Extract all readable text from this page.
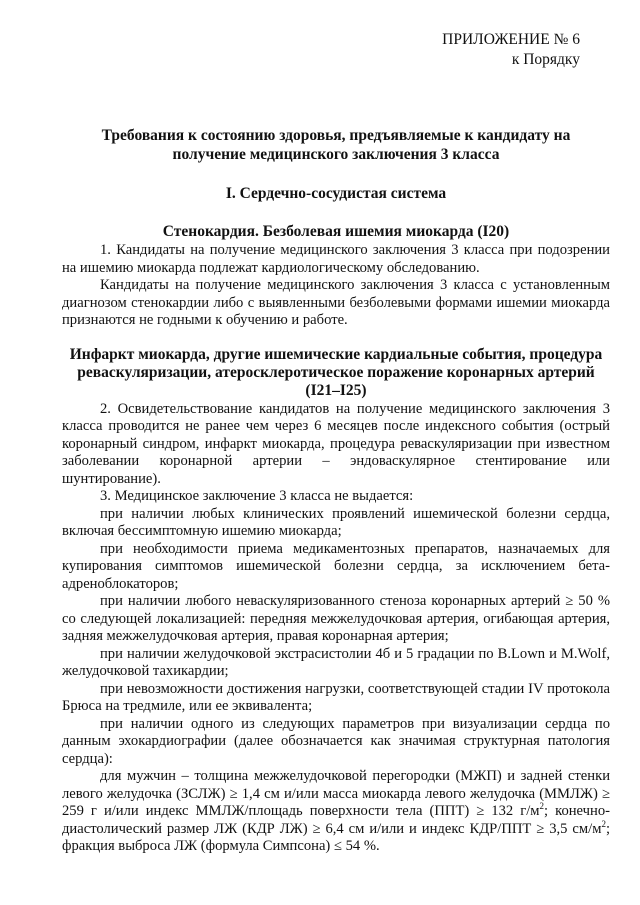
ПРИЛОЖЕНИЕ № 6
к Порядку
Требования к состоянию здоровья, предъявляемые к кандидату на
получение медицинского заключения 3 класса
I. Сердечно-сосудистая система
Стенокардия. Безболевая ишемия миокарда (I20)

1. Кандидаты на получение медицинского заключения 3 класса при подозрении на ишемию миокарда подлежат кардиологическому обследованию.

Кандидаты на получение медицинского заключения 3 класса с установленным диагнозом стенокардии либо с выявленными безболевыми формами ишемии миокарда признаются не годными к обучению и работе.

Инфаркт миокарда, другие ишемические кардиальные события, процедура
реваскуляризации, атеросклеротическое поражение коронарных артерий
(I21–I25)

2. Освидетельствование кандидатов на получение медицинского заключения 3 класса проводится не ранее чем через 6 месяцев после индексного события (острый коронарный синдром, инфаркт миокарда, процедура реваскуляризации при известном заболевании коронарной артерии – эндоваскулярное стентирование или шунтирование).

3. Медицинское заключение 3 класса не выдается:

при наличии любых клинических проявлений ишемической болезни сердца, включая бессимптомную ишемию миокарда;

при необходимости приема медикаментозных препаратов, назначаемых для купирования симптомов ишемической болезни сердца, за исключением бета-адреноблокаторов;

при наличии любого неваскуляризованного стеноза коронарных артерий ≥ 50 % со следующей локализацией: передняя межжелудочковая артерия, огибающая артерия, задняя межжелудочковая артерия, правая коронарная артерия;

при наличии желудочковой экстрасистолии 4б и 5 градации по B.Lown и M.Wolf, желудочковой тахикардии;

при невозможности достижения нагрузки, соответствующей стадии IV протокола Брюса на тредмиле, или ее эквивалента;

при наличии одного из следующих параметров при визуализации сердца по данным эхокардиографии (далее обозначается как значимая структурная патология сердца):

для мужчин – толщина межжелудочковой перегородки (МЖП) и задней стенки левого желудочка (ЗСЛЖ) ≥ 1,4 см и/или масса миокарда левого желудочка (ММЛЖ) ≥ 259 г и/или индекс ММЛЖ/площадь поверхности тела (ППТ) ≥ 132 $г/м^2$; конечно-диастолический размер ЛЖ (КДР ЛЖ) ≥ 6,4 см и/или и индекс КДР/ППТ ≥ 3,5 $см/м^2$; фракция выброса ЛЖ (формула Симпсона) ≤ 54 %.
